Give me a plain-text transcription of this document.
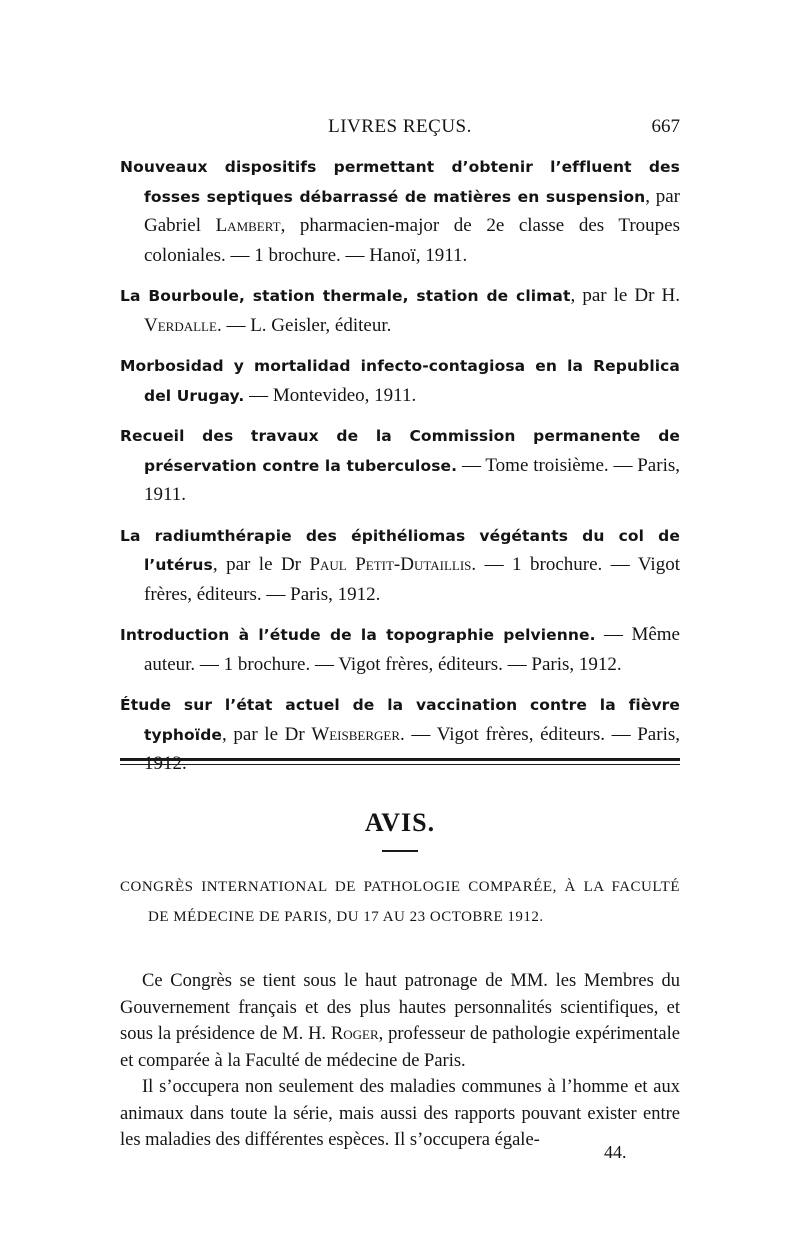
LIVRES REÇUS.	667
Nouveaux dispositifs permettant d’obtenir l’effluent des fosses septiques débarrassé de matières en suspension, par Gabriel Lambert, pharmacien-major de 2e classe des Troupes coloniales. — 1 brochure. — Hanoï, 1911.
La Bourboule, station thermale, station de climat, par le Dr H. Verdalle. — L. Geisler, éditeur.
Morbosidad y mortalidad infecto-contagiosa en la Republica del Urugay. — Montevideo, 1911.
Recueil des travaux de la Commission permanente de préservation contre la tuberculose. — Tome troisième. — Paris, 1911.
La radiumthérapie des épithéliomas végétants du col de l’utérus, par le Dr Paul Petit-Dutaillis. — 1 brochure. — Vigot frères, éditeurs. — Paris, 1912.
Introduction à l’étude de la topographie pelvienne. — Même auteur. — 1 brochure. — Vigot frères, éditeurs. — Paris, 1912.
Étude sur l’état actuel de la vaccination contre la fièvre typhoïde, par le Dr Weisberger. — Vigot frères, éditeurs. — Paris,
AVIS.
CONGRÈS INTERNATIONAL DE PATHOLOGIE COMPARÉE, À LA FACULTÉ DE MÉDECINE DE PARIS, DU 17 AU 23 OCTOBRE 1912.

Ce Congrès se tient sous le haut patronage de MM. les Membres du Gouvernement français et des plus hautes personnalités scientifiques, et sous la présidence de M. H. Roger, professeur de pathologie expérimentale et comparée à la Faculté de médecine de Paris.

Il s’occupera non seulement des maladies communes à l’homme et aux animaux dans toute la série, mais aussi des rapports pouvant exister entre les maladies des différentes espèces. Il s’occupera égale-

44.
